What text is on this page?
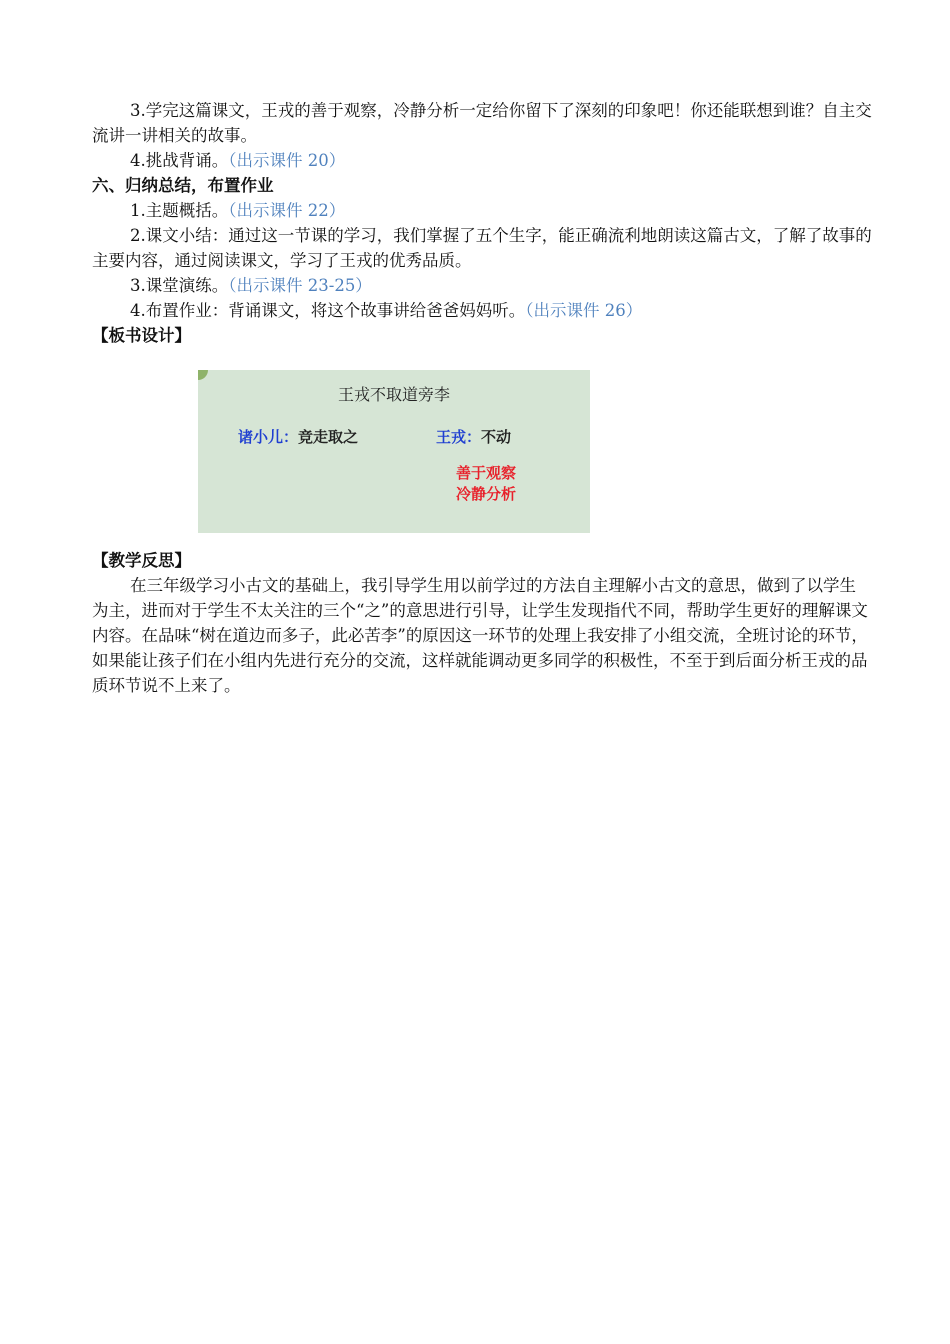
3.学完这篇课文，王戎的善于观察，冷静分析一定给你留下了深刻的印象吧！你还能联想到谁？自主交流讲一讲相关的故事。

4.挑战背诵。（出示课件 20）

六、归纳总结，布置作业

1.主题概括。（出示课件 22）

2.课文小结：通过这一节课的学习，我们掌握了五个生字，能正确流利地朗读这篇古文，了解了故事的主要内容，通过阅读课文，学习了王戎的优秀品质。

3.课堂演练。（出示课件 23-25）

4.布置作业：背诵课文，将这个故事讲给爸爸妈妈听。（出示课件 26）

【板书设计】

王戎不取道旁李
诸小儿：竞走取之	王戎：不动
善于观察
冷静分析

【教学反思】

在三年级学习小古文的基础上，我引导学生用以前学过的方法自主理解小古文的意思，做到了以学生为主，进而对于学生不太关注的三个“之”的意思进行引导，让学生发现指代不同，帮助学生更好的理解课文内容。在品味“树在道边而多子，此必苦李”的原因这一环节的处理上我安排了小组交流，全班讨论的环节，如果能让孩子们在小组内先进行充分的交流，这样就能调动更多同学的积极性，不至于到后面分析王戎的品质环节说不上来了。
